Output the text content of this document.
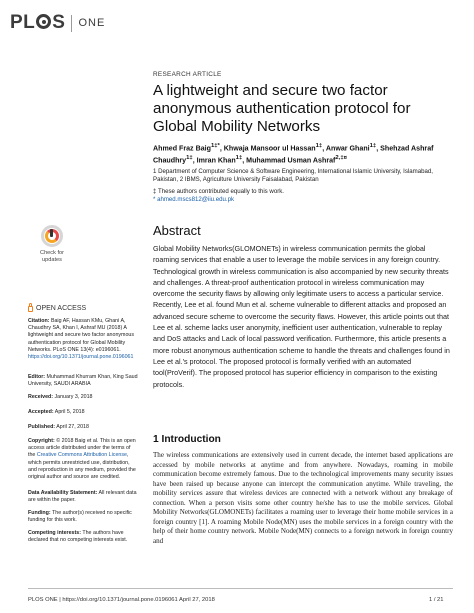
PL S ONE
RESEARCH ARTICLE
A lightweight and secure two factor anonymous authentication protocol for Global Mobility Networks
Ahmed Fraz Baig$^{1\ddagger*}$, Khwaja Mansoor ul Hassan$^{1\ddagger}$, Anwar Ghani$^{1\ddagger}$, Shehzad Ashraf Chaudhry$^{1\ddagger}$, Imran Khan$^{1\ddagger}$, Muhammad Usman Ashraf$^{2,\ddagger¤}$
1 Department of Computer Science & Software Engineering, International Islamic University, Islamabad, Pakistan, 2 IBMS, Agriculture University Faisalabad, Pakistan
‡ These authors contributed equally to this work.
* ahmed.mscs812@iiu.edu.pk
Abstract
Global Mobility Networks(GLOMONETs) in wireless communication permits the global roaming services that enable a user to leverage the mobile services in any foreign country. Technological growth in wireless communication is also accompanied by new security threats and challenges. A threat-proof authentication protocol in wireless communication may overcome the security flaws by allowing only legitimate users to access a particular service. Recently, Lee et al. found Mun et al. scheme vulnerable to different attacks and proposed an advanced secure scheme to overcome the security flaws. However, this article points out that Lee et al. scheme lacks user anonymity, inefficient user authentication, vulnerable to replay and DoS attacks and Lack of local password verification. Furthermore, this article presents a more robust anonymous authentication scheme to handle the threats and challenges found in Lee et al.'s protocol. The proposed protocol is formally verified with an automated tool(ProVerif). The proposed protocol has superior efficiency in comparison to the existing protocols.
1 Introduction
The wireless communications are extensively used in current decade, the internet based applications are accessed by mobile networks at anytime and from anywhere. Nowadays, roaming in mobile communication become extremely famous. Due to the technological improvements many security issues have been raised up because anyone can intercept the communication anytime. While traveling, the mobility services assure that wireless devices are connected with a network without any breakage of connection. When a person visits some other country he/she has to use the mobile services. Global Mobility Networks(GLOMONETs) facilitates a roaming user to leverage their home mobile services in a foreign country [1]. A roaming Mobile Node(MN) uses the mobile services in a foreign country with the help of their home country network. Mobile Node(MN) connects to a foreign network in foreign country and
Check for updates
OPEN ACCESS
Citation: Baig AF, Hassan KMu, Ghani A, Chaudhry SA, Khan I, Ashraf MU (2018) A lightweight and secure two factor anonymous authentication protocol for Global Mobility Networks. PLoS ONE 13(4): e0196061. https://doi.org/10.1371/journal.pone.0196061
Editor: Muhammad Khurram Khan, King Saud University, SAUDI ARABIA
Received: January 3, 2018
Accepted: April 5, 2018
Published: April 27, 2018
Copyright: © 2018 Baig et al. This is an open access article distributed under the terms of the Creative Commons Attribution License, which permits unrestricted use, distribution, and reproduction in any medium, provided the original author and source are credited.
Data Availability Statement: All relevant data are within the paper.
Funding: The author(s) received no specific funding for this work.
Competing interests: The authors have declared that no competing interests exist.
PLOS ONE | https://doi.org/10.1371/journal.pone.0196061 April 27, 2018	1 / 21
